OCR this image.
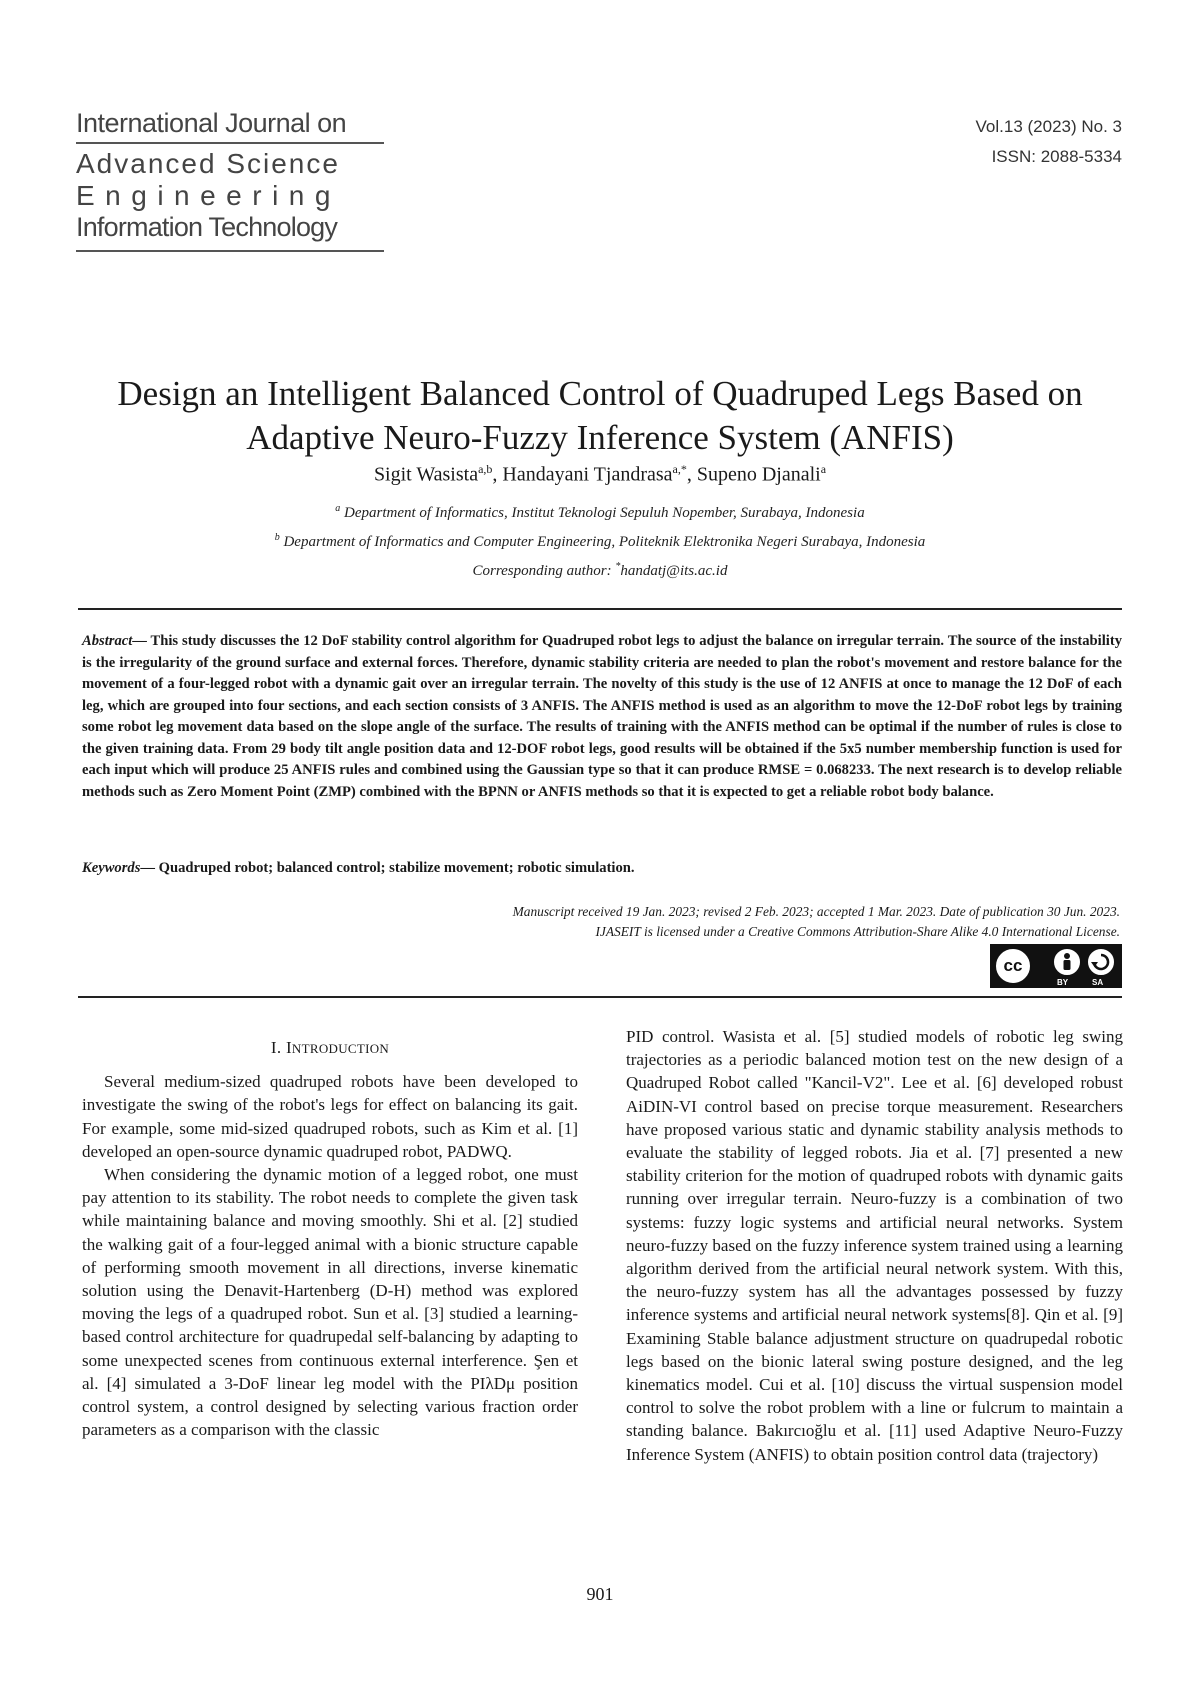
International Journal on
Advanced Science
Engineering
Information Technology
Vol.13 (2023) No. 3
ISSN: 2088-5334
Design an Intelligent Balanced Control of Quadruped Legs Based on
Adaptive Neuro-Fuzzy Inference System (ANFIS)
Sigit Wasista$^{a,b}$, Handayani Tjandrasa$^{a,*}$, Supeno Djanali$^a$
$^a$ Department of Informatics, Institut Teknologi Sepuluh Nopember, Surabaya, Indonesia
$^b$ Department of Informatics and Computer Engineering, Politeknik Elektronika Negeri Surabaya, Indonesia
Corresponding author: *handatj@its.ac.id
Abstract— This study discusses the 12 DoF stability control algorithm for Quadruped robot legs to adjust the balance on irregular terrain. The source of the instability is the irregularity of the ground surface and external forces. Therefore, dynamic stability criteria are needed to plan the robot's movement and restore balance for the movement of a four-legged robot with a dynamic gait over an irregular terrain. The novelty of this study is the use of 12 ANFIS at once to manage the 12 DoF of each leg, which are grouped into four sections, and each section consists of 3 ANFIS. The ANFIS method is used as an algorithm to move the 12-DoF robot legs by training some robot leg movement data based on the slope angle of the surface. The results of training with the ANFIS method can be optimal if the number of rules is close to the given training data. From 29 body tilt angle position data and 12-DOF robot legs, good results will be obtained if the 5x5 number membership function is used for each input which will produce 25 ANFIS rules and combined using the Gaussian type so that it can produce RMSE = 0.068233. The next research is to develop reliable methods such as Zero Moment Point (ZMP) combined with the BPNN or ANFIS methods so that it is expected to get a reliable robot body balance.
Keywords— Quadruped robot; balanced control; stabilize movement; robotic simulation.
Manuscript received 19 Jan. 2023; revised 2 Feb. 2023; accepted 1 Mar. 2023. Date of publication 30 Jun. 2023.
IJASEIT is licensed under a Creative Commons Attribution-Share Alike 4.0 International License.
cc
BY	SA
I. INTRODUCTION

Several medium-sized quadruped robots have been developed to investigate the swing of the robot's legs for effect on balancing its gait. For example, some mid-sized quadruped robots, such as Kim et al. [1] developed an open-source dynamic quadruped robot, PADWQ.

When considering the dynamic motion of a legged robot, one must pay attention to its stability. The robot needs to complete the given task while maintaining balance and moving smoothly. Shi et al. [2] studied the walking gait of a four-legged animal with a bionic structure capable of performing smooth movement in all directions, inverse kinematic solution using the Denavit-Hartenberg (D-H) method was explored moving the legs of a quadruped robot. Sun et al. [3] studied a learning-based control architecture for quadrupedal self-balancing by adapting to some unexpected scenes from continuous external interference. Şen et al. [4] simulated a 3-DoF linear leg model with the PIλDμ position control system, a control designed by selecting various fraction order parameters as a comparison with the classic

PID control. Wasista et al. [5] studied models of robotic leg swing trajectories as a periodic balanced motion test on the new design of a Quadruped Robot called "Kancil-V2". Lee et al. [6] developed robust AiDIN-VI control based on precise torque measurement. Researchers have proposed various static and dynamic stability analysis methods to evaluate the stability of legged robots. Jia et al. [7] presented a new stability criterion for the motion of quadruped robots with dynamic gaits running over irregular terrain. Neuro-fuzzy is a combination of two systems: fuzzy logic systems and artificial neural networks. System neuro-fuzzy based on the fuzzy inference system trained using a learning algorithm derived from the artificial neural network system. With this, the neuro-fuzzy system has all the advantages possessed by fuzzy inference systems and artificial neural network systems[8]. Qin et al. [9] Examining Stable balance adjustment structure on quadrupedal robotic legs based on the bionic lateral swing posture designed, and the leg kinematics model. Cui et al. [10] discuss the virtual suspension model control to solve the robot problem with a line or fulcrum to maintain a standing balance. Bakırcıoğlu et al. [11] used Adaptive Neuro-Fuzzy Inference System (ANFIS) to obtain position control data (trajectory)

901
